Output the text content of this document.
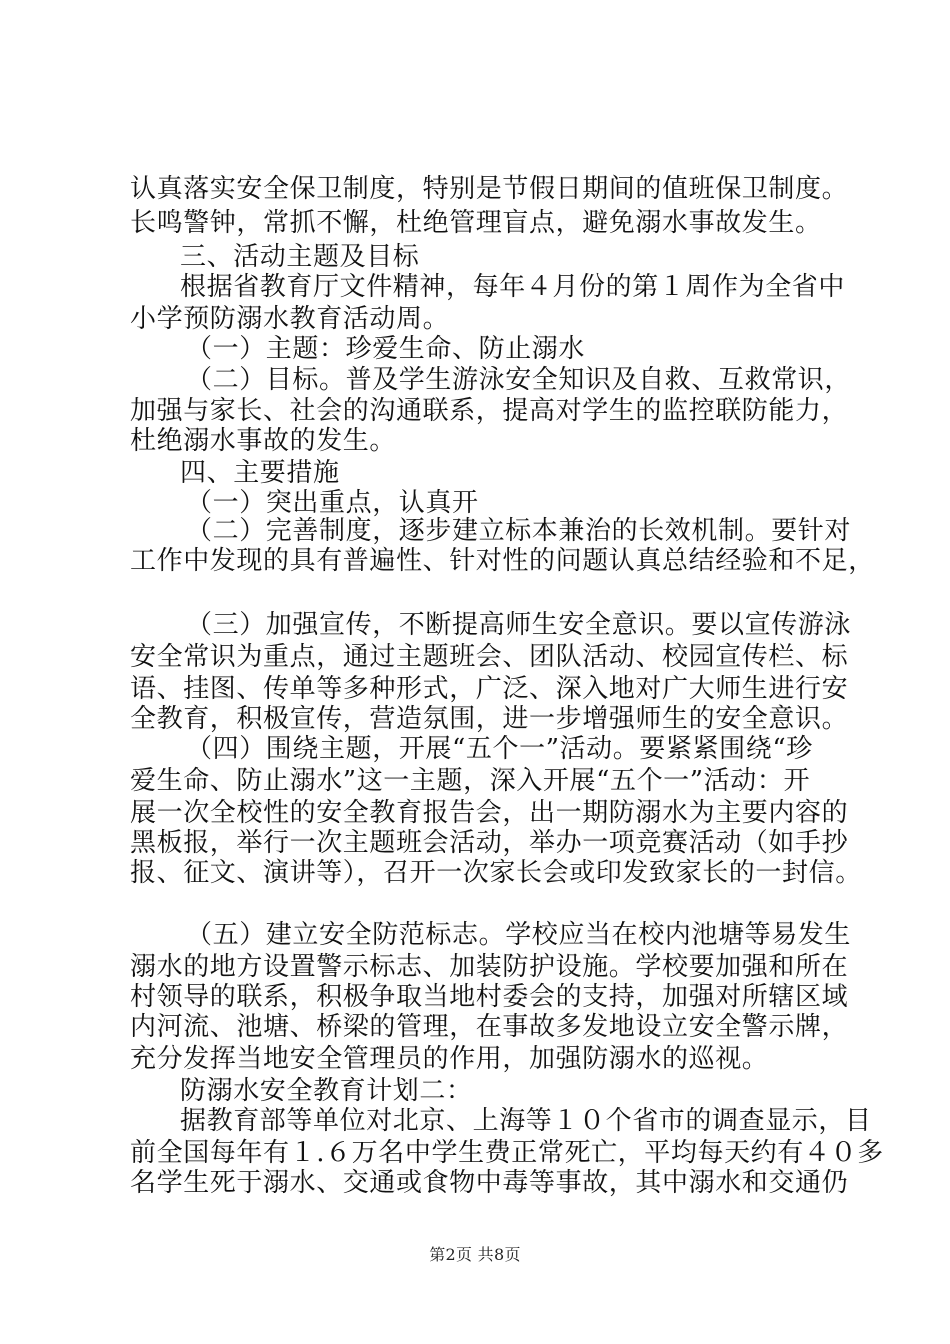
认真落实安全保卫制度，特别是节假日期间的值班保卫制度。
长鸣警钟，常抓不懈，杜绝管理盲点，避免溺水事故发生。
三、活动主题及目标
根据省教育厅文件精神，每年４月份的第１周作为全省中
小学预防溺水教育活动周。
（一）主题：珍爱生命、防止溺水
（二）目标。普及学生游泳安全知识及自救、互救常识，
加强与家长、社会的沟通联系，提高对学生的监控联防能力，
杜绝溺水事故的发生。
四、主要措施
（一）突出重点，认真开
（二）完善制度，逐步建立标本兼治的长效机制。要针对
工作中发现的具有普遍性、针对性的问题认真总结经验和不足，
（三）加强宣传，不断提高师生安全意识。要以宣传游泳
安全常识为重点，通过主题班会、团队活动、校园宣传栏、标
语、挂图、传单等多种形式，广泛、深入地对广大师生进行安
全教育，积极宣传，营造氛围，进一步增强师生的安全意识。
（四）围绕主题，开展“五个一”活动。要紧紧围绕“珍
爱生命、防止溺水”这一主题，深入开展“五个一”活动：开
展一次全校性的安全教育报告会，出一期防溺水为主要内容的
黑板报，举行一次主题班会活动，举办一项竞赛活动（如手抄
报、征文、演讲等），召开一次家长会或印发致家长的一封信。
（五）建立安全防范标志。学校应当在校内池塘等易发生
溺水的地方设置警示标志、加装防护设施。学校要加强和所在
村领导的联系，积极争取当地村委会的支持，加强对所辖区域
内河流、池塘、桥梁的管理，在事故多发地设立安全警示牌，
充分发挥当地安全管理员的作用，加强防溺水的巡视。
防溺水安全教育计划二：
据教育部等单位对北京、上海等１０个省市的调查显示，目
前全国每年有１.６万名中学生费正常死亡，平均每天约有４０多
名学生死于溺水、交通或食物中毒等事故，其中溺水和交通仍
第2页 共8页
